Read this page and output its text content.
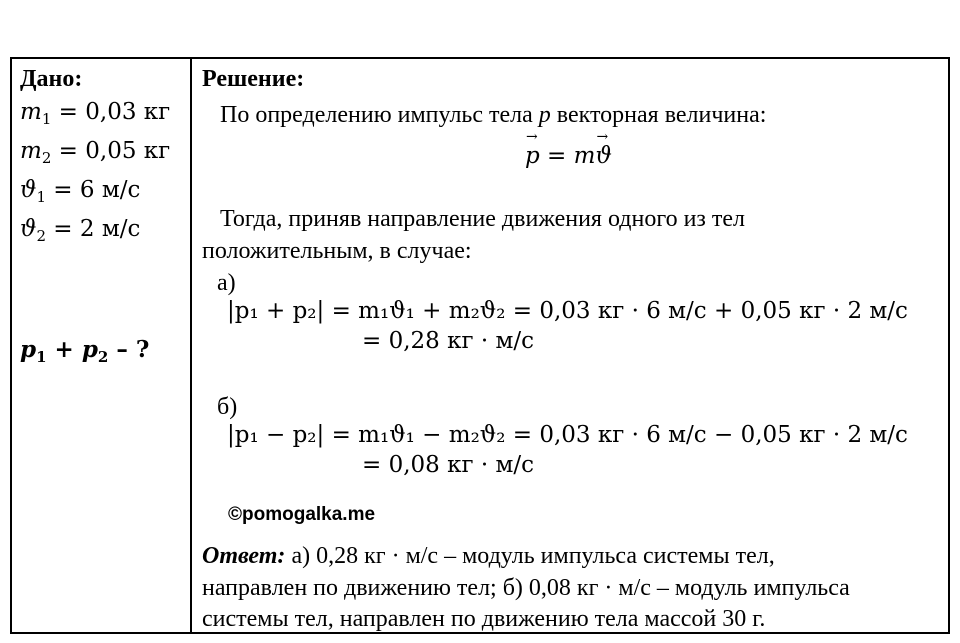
Дано:
$m_1 = 0,03$ кг
$m_2 = 0,05$ кг
$ϑ_1 = 6$ м/с
$ϑ_2 = 2$ м/с
$p_1 + p_2$ – ?
Решение:
По определению импульс тела p векторная величина:
→ p = m→ ϑ
Тогда, приняв направление движения одного из тел
положительным, в случае:
а)
|p₁ + p₂| = m₁ϑ₁ + m₂ϑ₂ = 0,03 кг · 6 м/с + 0,05 кг · 2 м/с
= 0,28 кг · м/с
б)
|p₁ − p₂| = m₁ϑ₁ − m₂ϑ₂ = 0,03 кг · 6 м/с − 0,05 кг · 2 м/с
= 0,08 кг · м/с
©pomogalka.me
Ответ: а) 0,28 кг · м/с – модуль импульса системы тел,
направлен по движению тел; б) 0,08 кг · м/с – модуль импульса
системы тел, направлен по движению тела массой 30 г.
